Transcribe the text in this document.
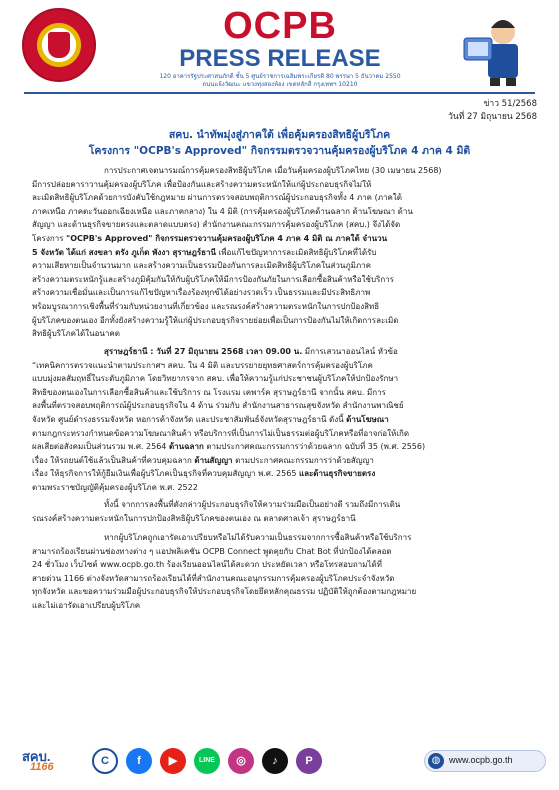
OCPB
PRESS RELEASE
120 อาคารรัฐประศาสนภักดี ชั้น 5 ศูนย์ราชการเฉลิมพระเกียรติ 80 พรรษา 5 ธันวาคม 2550
ถนนแจ้งวัฒนะ แขวงทุ่งสองห้อง เขตหลักสี่ กรุงเทพฯ 10210
ข่าว 51/2568
วันที่ 27 มิถุนายน 2568
สคบ. นำทัพมุ่งสู่ภาคใต้ เพื่อคุ้มครองสิทธิผู้บริโภค
โครงการ "OCPB's Approved" กิจกรรมตรวจวานคุ้มครองผู้บริโภค 4 ภาค 4 มิติ
การประกาศเจตนารมณ์การคุ้มครองสิทธิผู้บริโภค เมื่อวันคุ้มครองผู้บริโภคไทย (30 เมษายน 2568)
มีการปล่อยคาราวานคุ้มครองผู้บริโภค เพื่อป้องกันและสร้างความตระหนักให้แก่ผู้ประกอบธุรกิจไม่ให้
ละเมิดสิทธิผู้บริโภคด้วยการบังคับใช้กฎหมาย ผ่านการตรวจสอบพฤติการณ์ผู้ประกอบธุรกิจทั้ง 4 ภาค (ภาคใต้
ภาคเหนือ ภาคตะวันออกเฉียงเหนือ และภาคกลาง) ใน 4 มิติ (การคุ้มครองผู้บริโภคด้านฉลาก ด้านโฆษณา ด้าน
สัญญา และด้านธุรกิจขายตรงและตลาดแบบตรง) สำนักงานคณะกรรมการคุ้มครองผู้บริโภค (สคบ.) จึงได้จัด
โครงการ "OCPB's Approved" กิจกรรมตรวจวานคุ้มครองผู้บริโภค 4 ภาค 4 มิติ ณ ภาคใต้ จำนวน
5 จังหวัด ได้แก่ สงขลา ตรัง ภูเก็ต พังงา สุราษฎร์ธานี เพื่อแก้ไขปัญหาการละเมิดสิทธิผู้บริโภคที่ได้รับ
ความเสียหายเป็นจำนวนมาก และสร้างความเป็นธรรมป้องกันการละเมิดสิทธิผู้บริโภคในส่วนภูมิภาค
สร้างความตระหนักรู้และสร้างภูมิคุ้มกันให้กับผู้บริโภคให้มีการป้องกันภัยในการเลือกซื้อสินค้าหรือใช้บริการ
สร้างความเชื่อมั่นและเป็นการแก้ไขปัญหาเรื่องร้องทุกข์ได้อย่างรวดเร็ว เป็นธรรมและมีประสิทธิภาพ
พร้อมบูรณาการเชิงพื้นที่ร่วมกับหน่วยงานที่เกี่ยวข้อง และรณรงค์สร้างความตระหนักในการปกป้องสิทธิ
ผู้บริโภคของตนเอง อีกทั้งยังสร้างความรู้ให้แก่ผู้ประกอบธุรกิจรายย่อยเพื่อเป็นการป้องกันไม่ให้เกิดการละเมิด
สิทธิผู้บริโภคได้ในอนาคต
สุราษฎร์ธานี : วันที่ 27 มิถุนายน 2568 เวลา 09.00 น. มีการเสวนาออนไลน์ หัวข้อ
“เทคนิคการตรวจแนะนำตามประกาศฯ สคบ. ใน 4 มิติ และบรรยายยุทธศาสตร์การคุ้มครองผู้บริโภค
แบบมุ่งผลสัมฤทธิ์ในระดับภูมิภาค โดยวิทยากรจาก สคบ. เพื่อให้ความรู้แก่ประชาชนผู้บริโภคให้ปกป้องรักษา
สิทธิของตนเองในการเลือกซื้อสินค้าและใช้บริการ ณ โรงแรม เคพาร์ค สุราษฎร์ธานี จากนั้น สคบ. มีการ
ลงพื้นที่ตรวจสอบพฤติการณ์ผู้ประกอบธุรกิจใน 4 ด้าน ร่วมกับ สำนักงานสาธารณสุขจังหวัด สำนักงานพาณิชย์
จังหวัด ศูนย์ดำรงธรรมจังหวัด หอการค้าจังหวัด และประชาสัมพันธ์จังหวัดสุราษฎร์ธานี ดังนี้ ด้านโฆษณา
ตามกฎกระทรวงกำหนดข้อความโฆษณาสินค้า หรือบริการที่เป็นการไม่เป็นธรรมต่อผู้บริโภคหรือที่อาจก่อให้เกิด
ผลเสียต่อสังคมเป็นส่วนรวม พ.ศ. 2564 ด้านฉลาก ตามประกาศคณะกรรมการว่าด้วยฉลาก ฉบับที่ 35 (พ.ศ. 2556)
เรื่อง ให้รถยนต์ใช้แล้วเป็นสินค้าที่ควบคุมฉลาก ด้านสัญญา ตามประกาศคณะกรรมการว่าด้วยสัญญา
เรื่อง ให้ธุรกิจการให้กู้ยืมเงินเพื่อผู้บริโภคเป็นธุรกิจที่ควบคุมสัญญา พ.ศ. 2565 และด้านธุรกิจขายตรง
ตามพระราชบัญญัติคุ้มครองผู้บริโภค พ.ศ. 2522
ทั้งนี้ จากการลงพื้นที่ดังกล่าวผู้ประกอบธุรกิจให้ความร่วมมือเป็นอย่างดี รวมถึงมีการเดิน
รณรงค์สร้างความตระหนักในการปกป้องสิทธิผู้บริโภคของตนเอง ณ ตลาดศาลเจ้า สุราษฎร์ธานี
หากผู้บริโภคถูกเอารัดเอาเปรียบหรือไม่ได้รับความเป็นธรรมจากการซื้อสินค้าหรือใช้บริการ
สามารถร้องเรียนผ่านช่องทางต่าง ๆ แอปพลิเคชัน OCPB Connect พูดคุยกับ Chat Bot ที่ปกป้องได้ตลอด
24 ชั่วโมง เว็บไซต์ www.ocpb.go.th ร้องเรียนออนไลน์ได้สะดวก ประหยัดเวลา หรือโทรสอบถามได้ที่
สายด่วน 1166 ต่างจังหวัดสามารถร้องเรียนได้ที่สำนักงานคณะอนุกรรมการคุ้มครองผู้บริโภคประจำจังหวัด
ทุกจังหวัด และขอความร่วมมือผู้ประกอบธุรกิจให้ประกอบธุรกิจโดยยึดหลักคุณธรรม ปฏิบัติให้ถูกต้องตามกฎหมาย
และไม่เอารัดเอาเปรียบผู้บริโภค
สคบ.
1166	C	f	▶	LINE	◎	♪	P	◍ www.ocpb.go.th
